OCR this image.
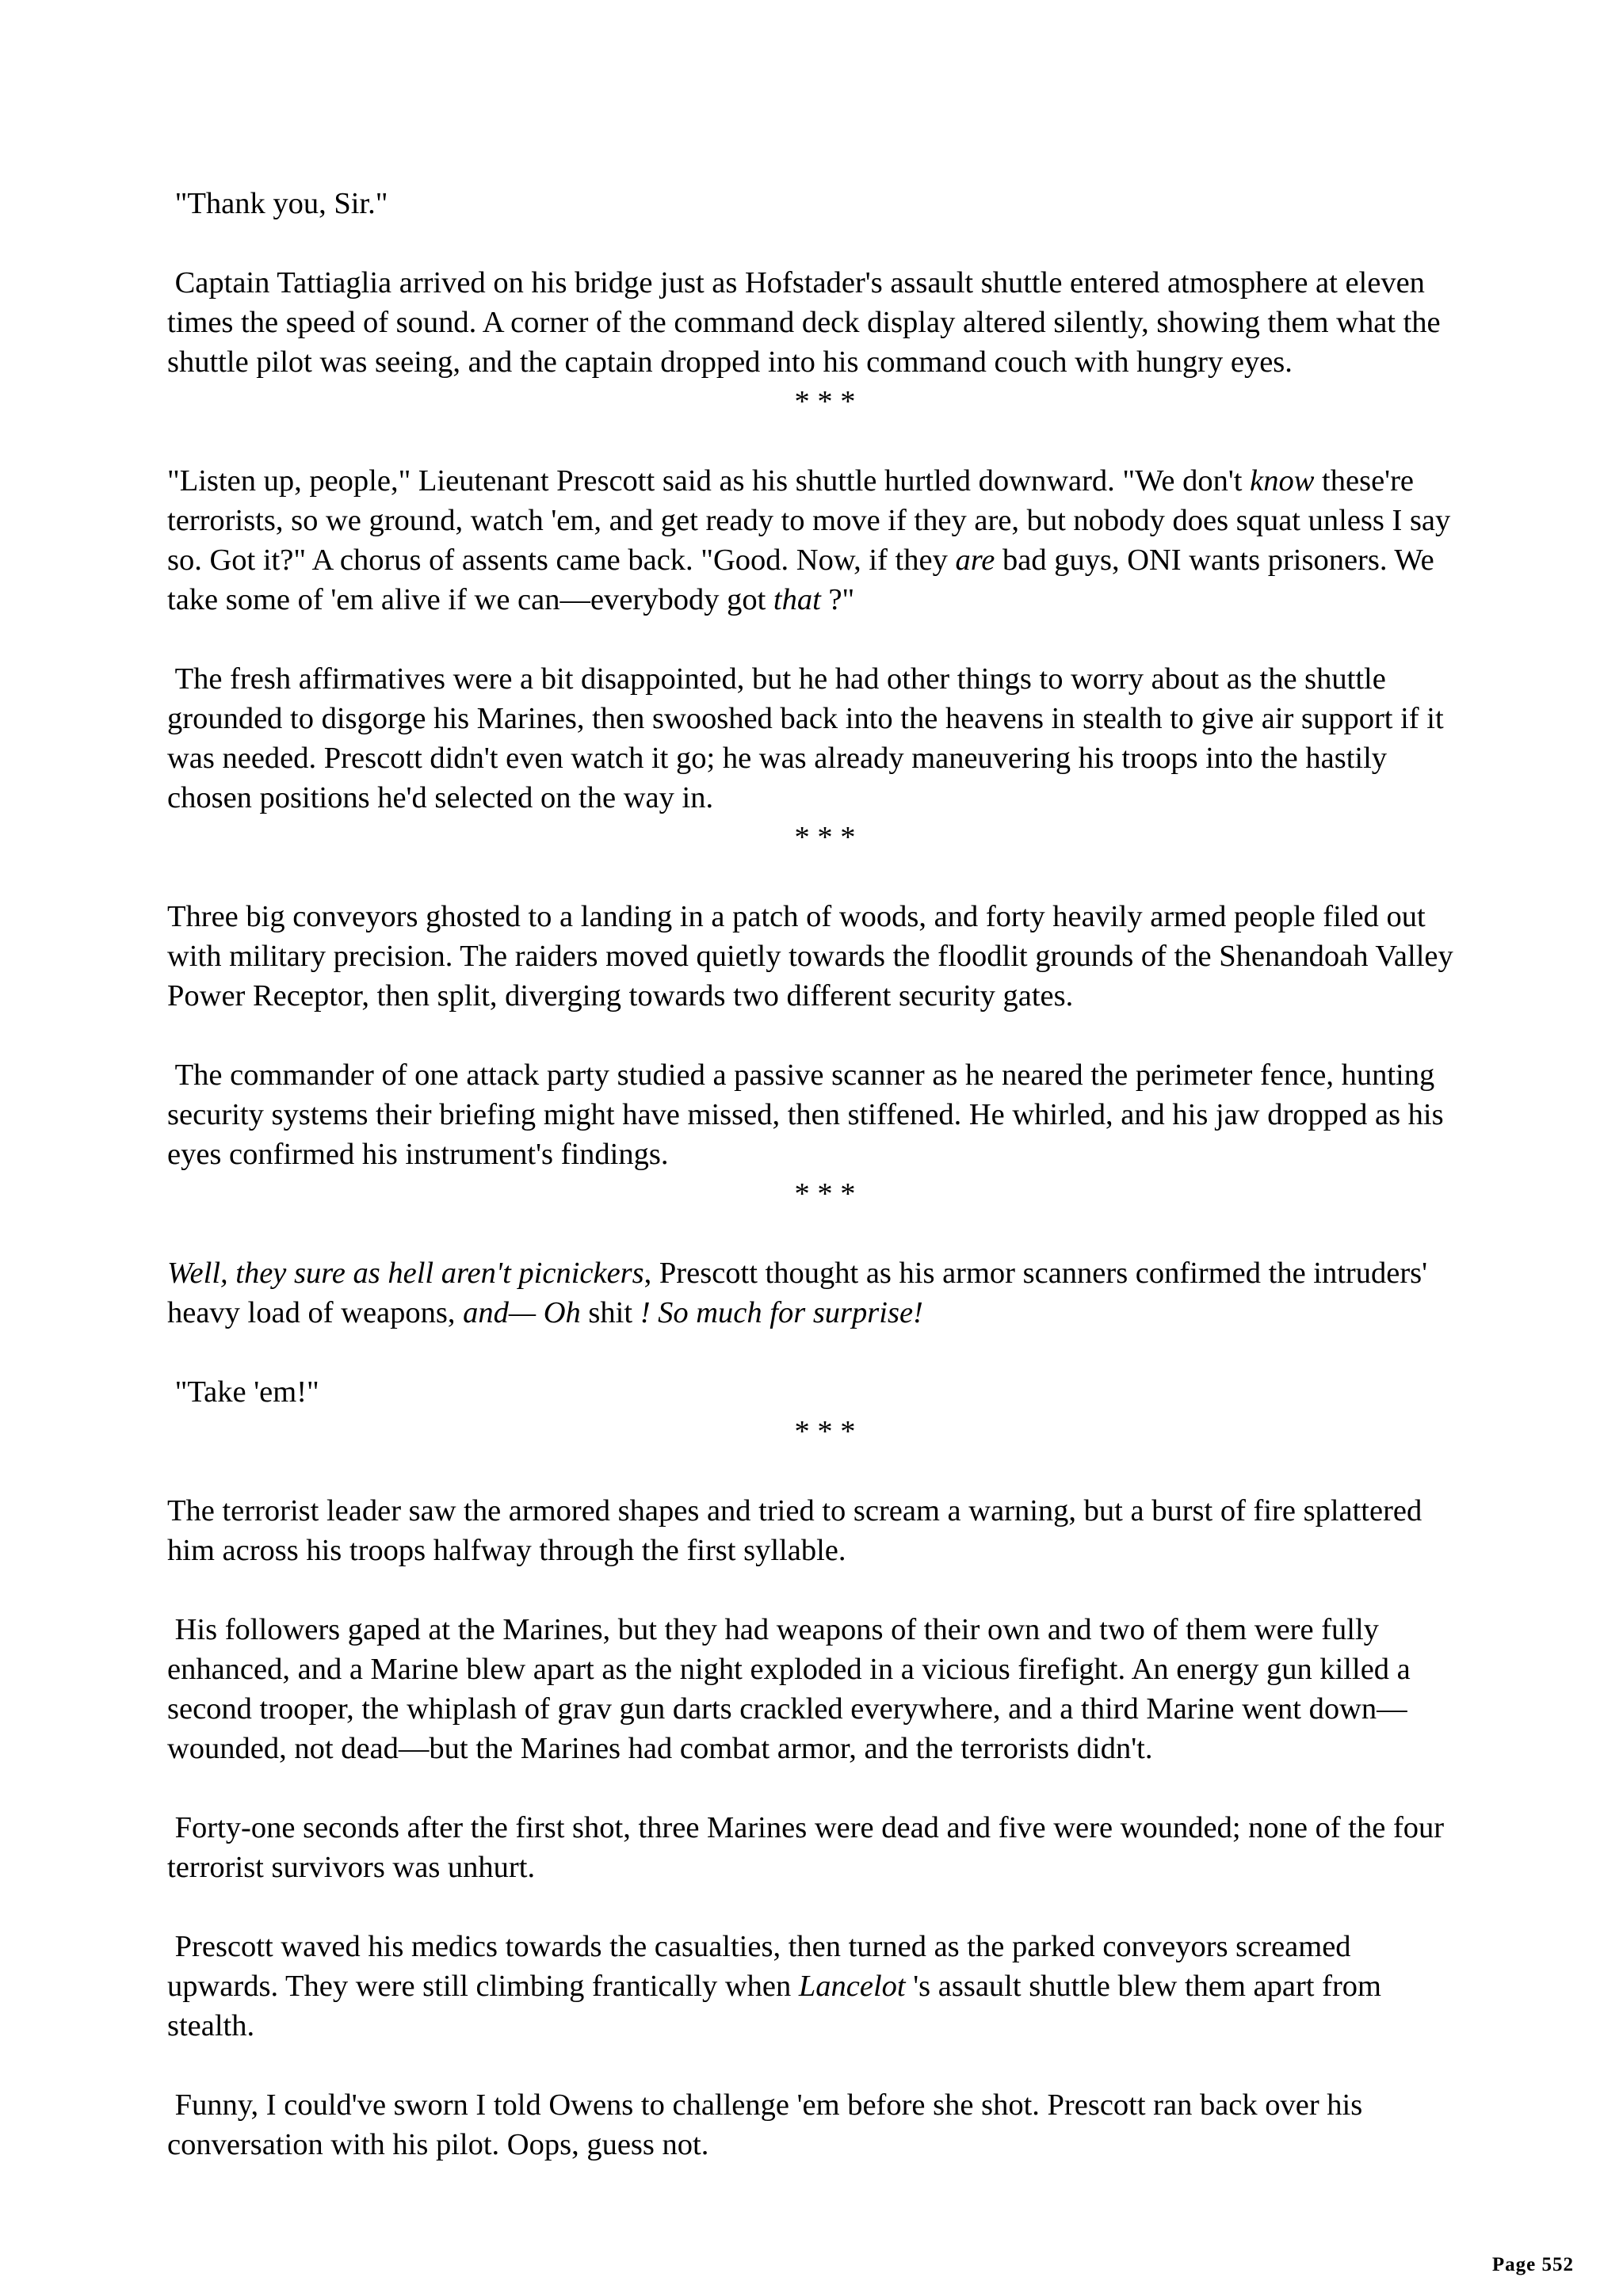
"Thank you, Sir."

Captain Tattiaglia arrived on his bridge just as Hofstader's assault shuttle entered atmosphere at eleven times the speed of sound. A corner of the command deck display altered silently, showing them what the shuttle pilot was seeing, and the captain dropped into his command couch with hungry eyes.

* * *

"Listen up, people," Lieutenant Prescott said as his shuttle hurtled downward. "We don't know these're terrorists, so we ground, watch 'em, and get ready to move if they are, but nobody does squat unless I say so. Got it?" A chorus of assents came back. "Good. Now, if they are bad guys, ONI wants prisoners. We take some of 'em alive if we can—everybody got that ?"

The fresh affirmatives were a bit disappointed, but he had other things to worry about as the shuttle grounded to disgorge his Marines, then swooshed back into the heavens in stealth to give air support if it was needed. Prescott didn't even watch it go; he was already maneuvering his troops into the hastily chosen positions he'd selected on the way in.

* * *

Three big conveyors ghosted to a landing in a patch of woods, and forty heavily armed people filed out with military precision. The raiders moved quietly towards the floodlit grounds of the Shenandoah Valley Power Receptor, then split, diverging towards two different security gates.

The commander of one attack party studied a passive scanner as he neared the perimeter fence, hunting security systems their briefing might have missed, then stiffened. He whirled, and his jaw dropped as his eyes confirmed his instrument's findings.

* * *

Well, they sure as hell aren't picnickers, Prescott thought as his armor scanners confirmed the intruders' heavy load of weapons, and— Oh shit ! So much for surprise!

"Take 'em!"

* * *

The terrorist leader saw the armored shapes and tried to scream a warning, but a burst of fire splattered him across his troops halfway through the first syllable.

His followers gaped at the Marines, but they had weapons of their own and two of them were fully enhanced, and a Marine blew apart as the night exploded in a vicious firefight. An energy gun killed a second trooper, the whiplash of grav gun darts crackled everywhere, and a third Marine went down—wounded, not dead—but the Marines had combat armor, and the terrorists didn't.

Forty-one seconds after the first shot, three Marines were dead and five were wounded; none of the four terrorist survivors was unhurt.

Prescott waved his medics towards the casualties, then turned as the parked conveyors screamed upwards. They were still climbing frantically when Lancelot 's assault shuttle blew them apart from stealth.

Funny, I could've sworn I told Owens to challenge 'em before she shot. Prescott ran back over his conversation with his pilot. Oops, guess not.

Page 552
